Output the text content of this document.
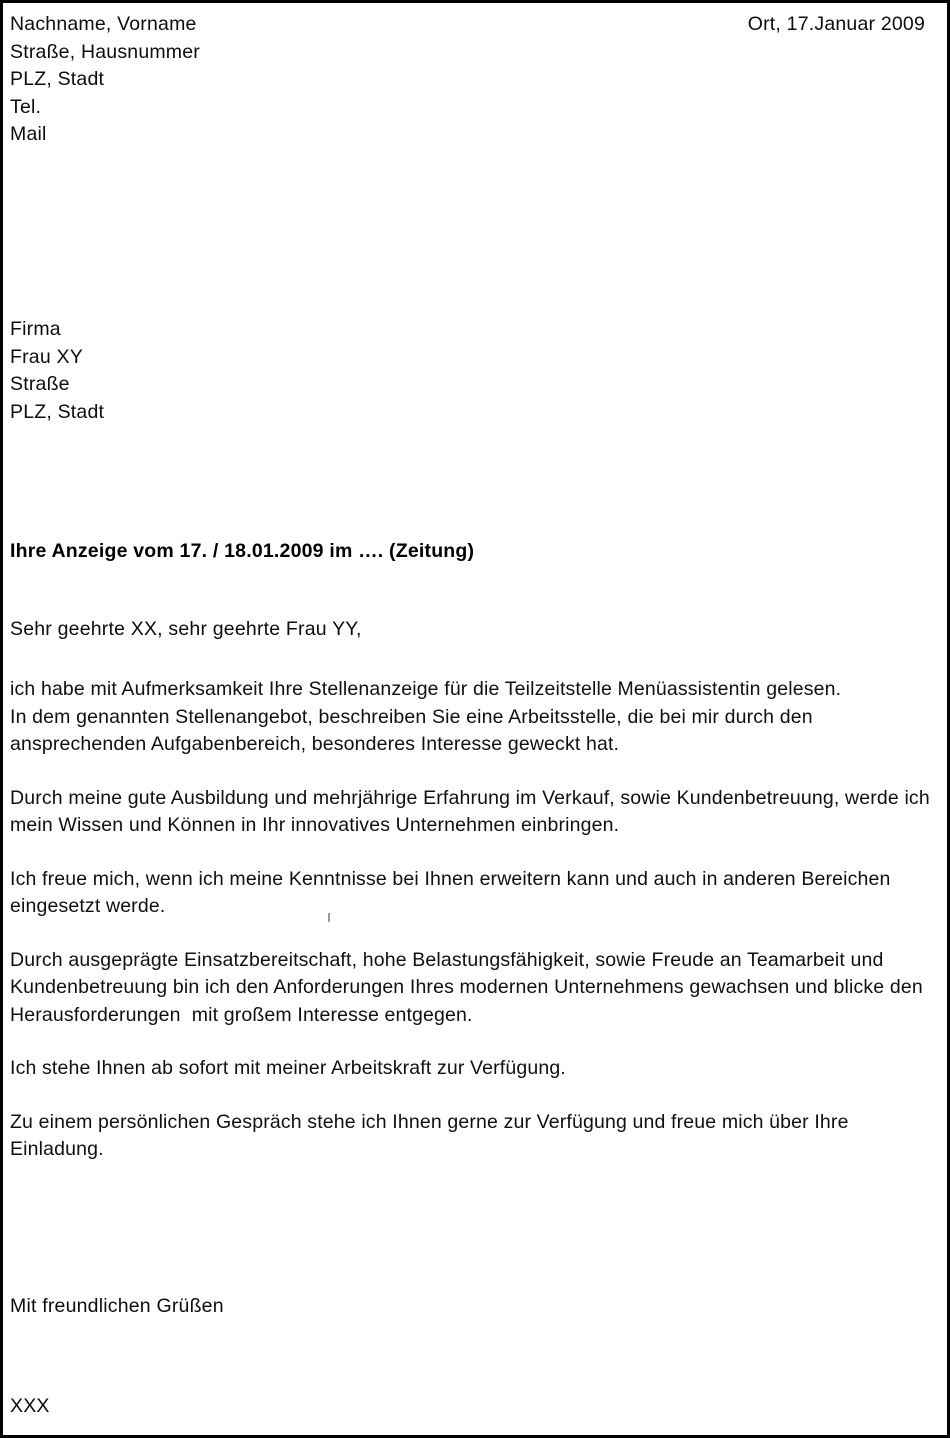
Nachname, Vorname
Straße, Hausnummer
PLZ, Stadt
Tel.
Mail
Ort, 17.Januar 2009
Firma
Frau XY
Straße
PLZ, Stadt
Ihre Anzeige vom 17. / 18.01.2009 im …. (Zeitung)
Sehr geehrte XX, sehr geehrte Frau YY,

ich habe mit Aufmerksamkeit Ihre Stellenanzeige für die Teilzeitstelle Menüassistentin gelesen.
In dem genannten Stellenangebot, beschreiben Sie eine Arbeitsstelle, die bei mir durch den ansprechenden Aufgabenbereich, besonderes Interesse geweckt hat.

Durch meine gute Ausbildung und mehrjährige Erfahrung im Verkauf, sowie Kundenbetreuung, werde ich mein Wissen und Können in Ihr innovatives Unternehmen einbringen.

Ich freue mich, wenn ich meine Kenntnisse bei Ihnen erweitern kann und auch in anderen Bereichen eingesetzt werde.

Durch ausgeprägte Einsatzbereitschaft, hohe Belastungsfähigkeit, sowie Freude an Teamarbeit und Kundenbetreuung bin ich den Anforderungen Ihres modernen Unternehmens gewachsen und blicke den Herausforderungen  mit großem Interesse entgegen.

Ich stehe Ihnen ab sofort mit meiner Arbeitskraft zur Verfügung.

Zu einem persönlichen Gespräch stehe ich Ihnen gerne zur Verfügung und freue mich über Ihre Einladung.

Mit freundlichen Grüßen
XXX
